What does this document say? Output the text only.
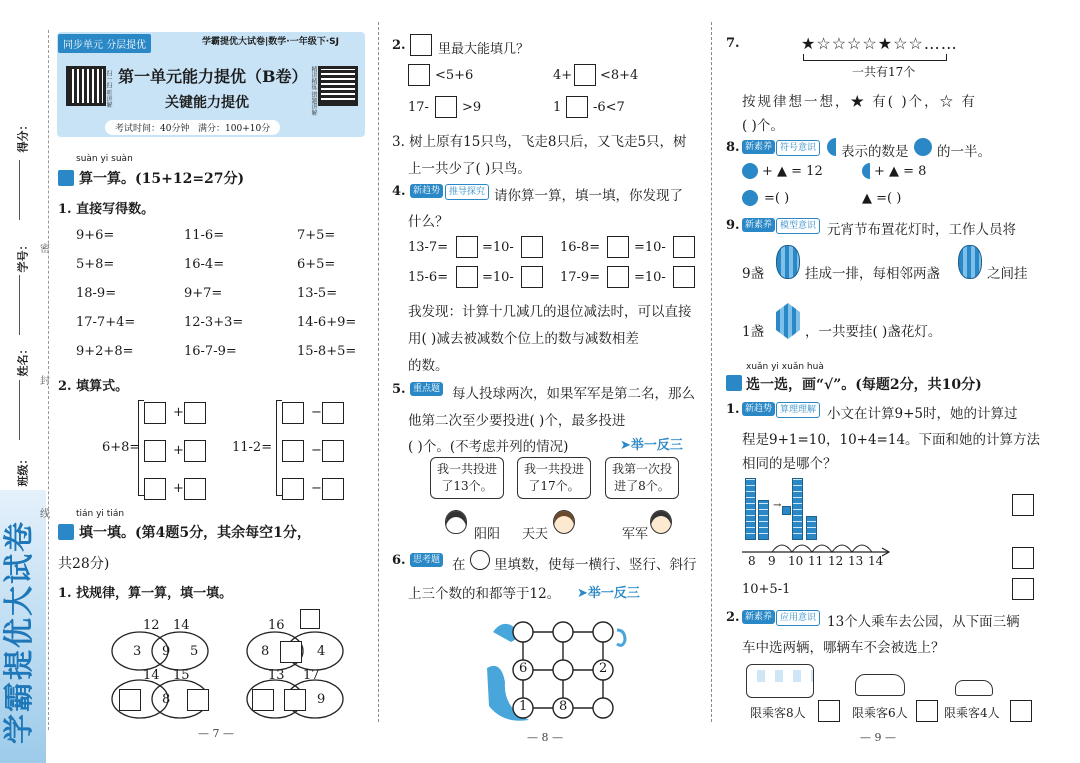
学霸提优大试卷
得分：
学号：
姓名：
班级：
密
封
线
同步单元 分层提优	学霸提优大试卷|数学·一年级下·SJ
扫一扫 听讲解	精讲精练 错题讲解
第一单元能力提优（B卷）
关键能力提优
考试时间：40分钟 满分：100+10分
suàn yi suàn
算一算。(15+12=27分)
1. 直接写得数。
9+6=	11-6=	7+5=
5+8=	16-4=	6+5=
18-9=	9+7=	13-5=
17-7+4=	12-3+3=	14-6+9=
9+2+8=	16-7-9=	15-8+5=
2. 填算式。
6+8=	11-2=
+
+
+
−
−
−
tián yi tián
填一填。(第4题5分，其余每空1分，
共28分)
1. 找规律，算一算，填一填。
12 14
3 9 5
16
8	4
14 15
8
13 17
9
— 7 —
2. 里最大能填几？
<5+6	4+ <8+4
17-	>9	1 -6<7
3. 树上原有15只鸟，飞走8只后，又飞走5只，树
上一共少了( )只鸟。
4. 新趋势 推导探究 请你算一算，填一填，你发现了
什么？
13-7=	=10-	16-8=	=10-
15-6=	=10-	17-9=	=10-
我发现：计算十几减几的退位减法时，可以直接
用( )减去被减数个位上的数与减数相差
的数。
5. 重点题 每人投球两次，如果军军是第二名，那么
他第二次至少要投进( )个，最多投进
( )个。(不考虑并列的情况)	➤举一反三
我一共投进了13个。
我一共投进了17个。
我第一次投进了8个。
阳阳 天天	军军
6. 思考题 在 里填数，使每一横行、竖行、斜行
上三个数的和都等于12。 ➤举一反三
6	2
1 8
— 8 —
7.	★☆☆☆☆★☆☆……
一共有17个
按规律想一想，★ 有( )个，☆ 有
( )个。
8. 新素养 符号意识 表示的数是 的一半。
+ ▲ = 12	+ ▲ = 8
=( )	▲ =( )
9. 新素养 模型意识 元宵节布置花灯时，工作人员将
9盏	挂成一排，每相邻两盏	之间挂
1盏	，一共要挂( )盏花灯。
xuǎn yi xuǎn huà
选一选，画“√”。(每题2分，共10分)
1. 新趋势 算理理解 小文在计算9+5时，她的计算过
程是9+1=10，10+4=14。下面和她的计算方法
相同的是哪个？
→
8 9 10 11 12 13 14
10+5-1
2. 新素养 应用意识 13个人乘车去公园，从下面三辆
车中选两辆，哪辆车不会被选上？
限乘客8人	限乘客6人	限乘客4人
— 9 —
